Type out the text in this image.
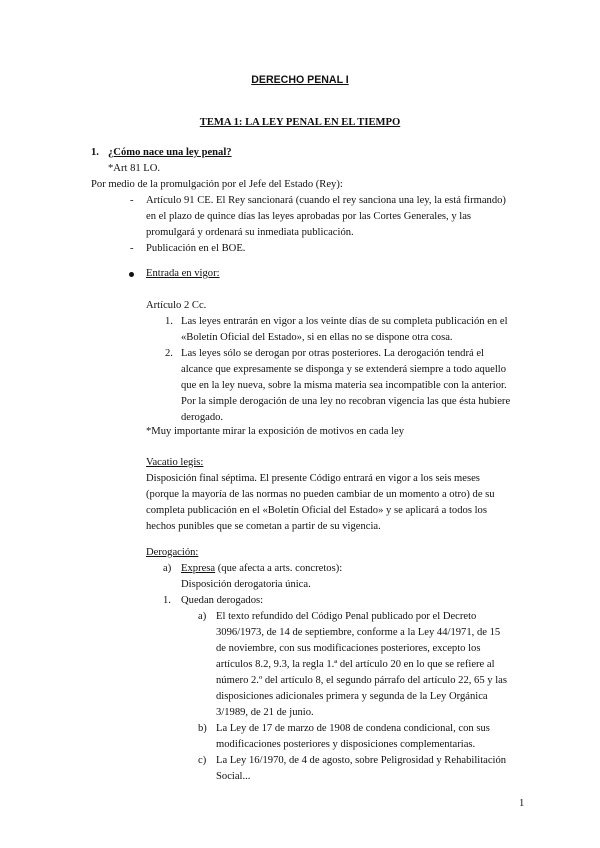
DERECHO PENAL I
TEMA 1: LA LEY PENAL EN EL TIEMPO
1. ¿Cómo nace una ley penal?
*Art 81 LO.
Por medio de la promulgación por el Jefe del Estado (Rey):
- Artículo 91 CE. El Rey sancionará (cuando el rey sanciona una ley, la está firmando)
en el plazo de quince días las leyes aprobadas por las Cortes Generales, y las
promulgará y ordenará su inmediata publicación.
- Publicación en el BOE.
Entrada en vigor:
Artículo 2 Cc.
1. Las leyes entrarán en vigor a los veinte días de su completa publicación en el
«Boletín Oficial del Estado», si en ellas no se dispone otra cosa.
2. Las leyes sólo se derogan por otras posteriores. La derogación tendrá el
alcance que expresamente se disponga y se extenderá siempre a todo aquello
que en la ley nueva, sobre la misma materia sea incompatible con la anterior.
Por la simple derogación de una ley no recobran vigencia las que ésta hubiere
derogado.
*Muy importante mirar la exposición de motivos en cada ley
Vacatio legis:
Disposición final séptima. El presente Código entrará en vigor a los seis meses
(porque la mayoría de las normas no pueden cambiar de un momento a otro) de su
completa publicación en el «Boletín Oficial del Estado» y se aplicará a todos los
hechos punibles que se cometan a partir de su vigencia.
Derogación:
a) Expresa (que afecta a arts. concretos):
Disposición derogatoria única.
1. Quedan derogados:
a) El texto refundido del Código Penal publicado por el Decreto
3096/1973, de 14 de septiembre, conforme a la Ley 44/1971, de 15
de noviembre, con sus modificaciones posteriores, excepto los
artículos 8.2, 9.3, la regla 1.ª del artículo 20 en lo que se refiere al
número 2.º del artículo 8, el segundo párrafo del artículo 22, 65 y las
disposiciones adicionales primera y segunda de la Ley Orgánica
3/1989, de 21 de junio.
b) La Ley de 17 de marzo de 1908 de condena condicional, con sus
modificaciones posteriores y disposiciones complementarias.
c) La Ley 16/1970, de 4 de agosto, sobre Peligrosidad y Rehabilitación
Social...
1
